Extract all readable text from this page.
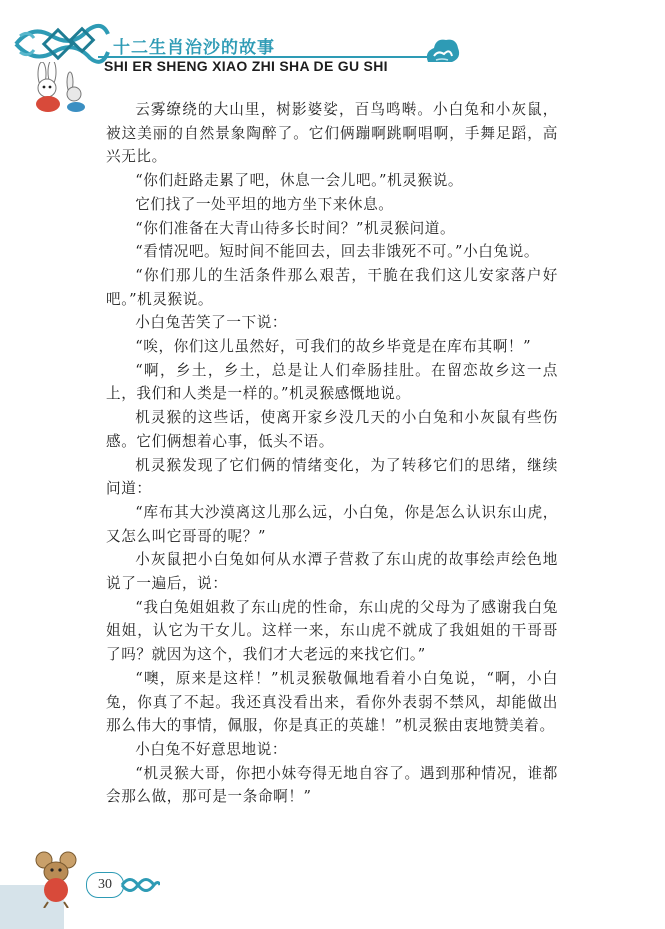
十二生肖治沙的故事
SHI ER SHENG XIAO ZHI SHA DE GU SHI

云雾缭绕的大山里，树影婆娑，百鸟鸣啭。小白兔和小灰鼠，被这美丽的自然景象陶醉了。它们俩蹦啊跳啊唱啊，手舞足蹈，高兴无比。

“你们赶路走累了吧，休息一会儿吧。”机灵猴说。

它们找了一处平坦的地方坐下来休息。

“你们准备在大青山待多长时间？”机灵猴问道。

“看情况吧。短时间不能回去，回去非饿死不可。”小白兔说。

“你们那儿的生活条件那么艰苦，干脆在我们这儿安家落户好吧。”机灵猴说。

小白兔苦笑了一下说：

“唉，你们这儿虽然好，可我们的故乡毕竟是在库布其啊！”

“啊，乡土，乡土，总是让人们牵肠挂肚。在留恋故乡这一点上，我们和人类是一样的。”机灵猴感慨地说。

机灵猴的这些话，使离开家乡没几天的小白兔和小灰鼠有些伤感。它们俩想着心事，低头不语。

机灵猴发现了它们俩的情绪变化，为了转移它们的思绪，继续问道：

“库布其大沙漠离这儿那么远，小白兔，你是怎么认识东山虎，又怎么叫它哥哥的呢？”

小灰鼠把小白兔如何从水潭子营救了东山虎的故事绘声绘色地说了一遍后，说：

“我白兔姐姐救了东山虎的性命，东山虎的父母为了感谢我白兔姐姐，认它为干女儿。这样一来，东山虎不就成了我姐姐的干哥哥了吗？就因为这个，我们才大老远的来找它们。”

“噢，原来是这样！”机灵猴敬佩地看着小白兔说，“啊，小白兔，你真了不起。我还真没看出来，看你外表弱不禁风，却能做出那么伟大的事情，佩服，你是真正的英雄！”机灵猴由衷地赞美着。

小白兔不好意思地说：

“机灵猴大哥，你把小妹夸得无地自容了。遇到那种情况，谁都会那么做，那可是一条命啊！”

30
